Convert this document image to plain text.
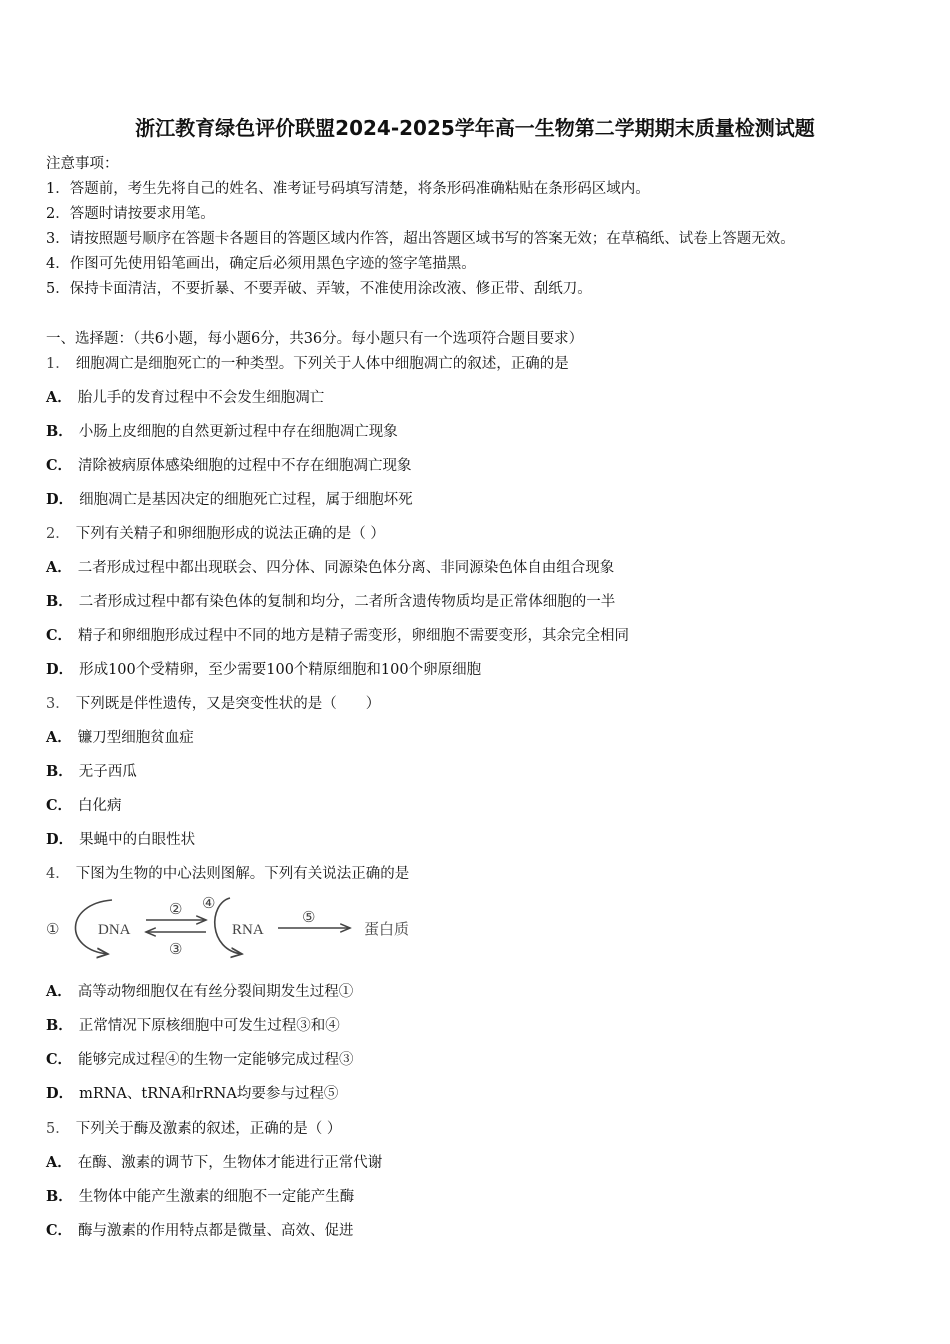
浙江教育绿色评价联盟2024-2025学年高一生物第二学期期末质量检测试题
注意事项：
1．答题前，考生先将自己的姓名、准考证号码填写清楚，将条形码准确粘贴在条形码区域内。
2．答题时请按要求用笔。
3．请按照题号顺序在答题卡各题目的答题区域内作答，超出答题区域书写的答案无效；在草稿纸、试卷上答题无效。
4．作图可先使用铅笔画出，确定后必须用黑色字迹的签字笔描黑。
5．保持卡面清洁，不要折暴、不要弄破、弄皱，不准使用涂改液、修正带、刮纸刀。
一、选择题：（共6小题，每小题6分，共36分。每小题只有一个选项符合题目要求）
1． 细胞凋亡是细胞死亡的一种类型。下列关于人体中细胞凋亡的叙述，正确的是
A． 胎儿手的发育过程中不会发生细胞凋亡
B． 小肠上皮细胞的自然更新过程中存在细胞凋亡现象
C． 清除被病原体感染细胞的过程中不存在细胞凋亡现象
D． 细胞凋亡是基因决定的细胞死亡过程，属于细胞坏死
2． 下列有关精子和卵细胞形成的说法正确的是（ ）
A． 二者形成过程中都出现联会、四分体、同源染色体分离、非同源染色体自由组合现象
B． 二者形成过程中都有染色体的复制和均分，二者所含遗传物质均是正常体细胞的一半
C． 精子和卵细胞形成过程中不同的地方是精子需变形，卵细胞不需要变形，其余完全相同
D． 形成100个受精卵，至少需要100个精原细胞和100个卵原细胞
3． 下列既是伴性遗传，又是突变性状的是（　　）
A． 镰刀型细胞贫血症
B． 无子西瓜
C． 白化病
D． 果蝇中的白眼性状
4． 下图为生物的中心法则图解。下列有关说法正确的是
①	DNA
②
③
④
RNA
⑤
蛋白质
A． 高等动物细胞仅在有丝分裂间期发生过程①
B． 正常情况下原核细胞中可发生过程③和④
C． 能够完成过程④的生物一定能够完成过程③
D． mRNA、tRNA和rRNA均要参与过程⑤
5． 下列关于酶及激素的叙述，正确的是（ ）
A． 在酶、激素的调节下，生物体才能进行正常代谢
B． 生物体中能产生激素的细胞不一定能产生酶
C． 酶与激素的作用特点都是微量、高效、促进
